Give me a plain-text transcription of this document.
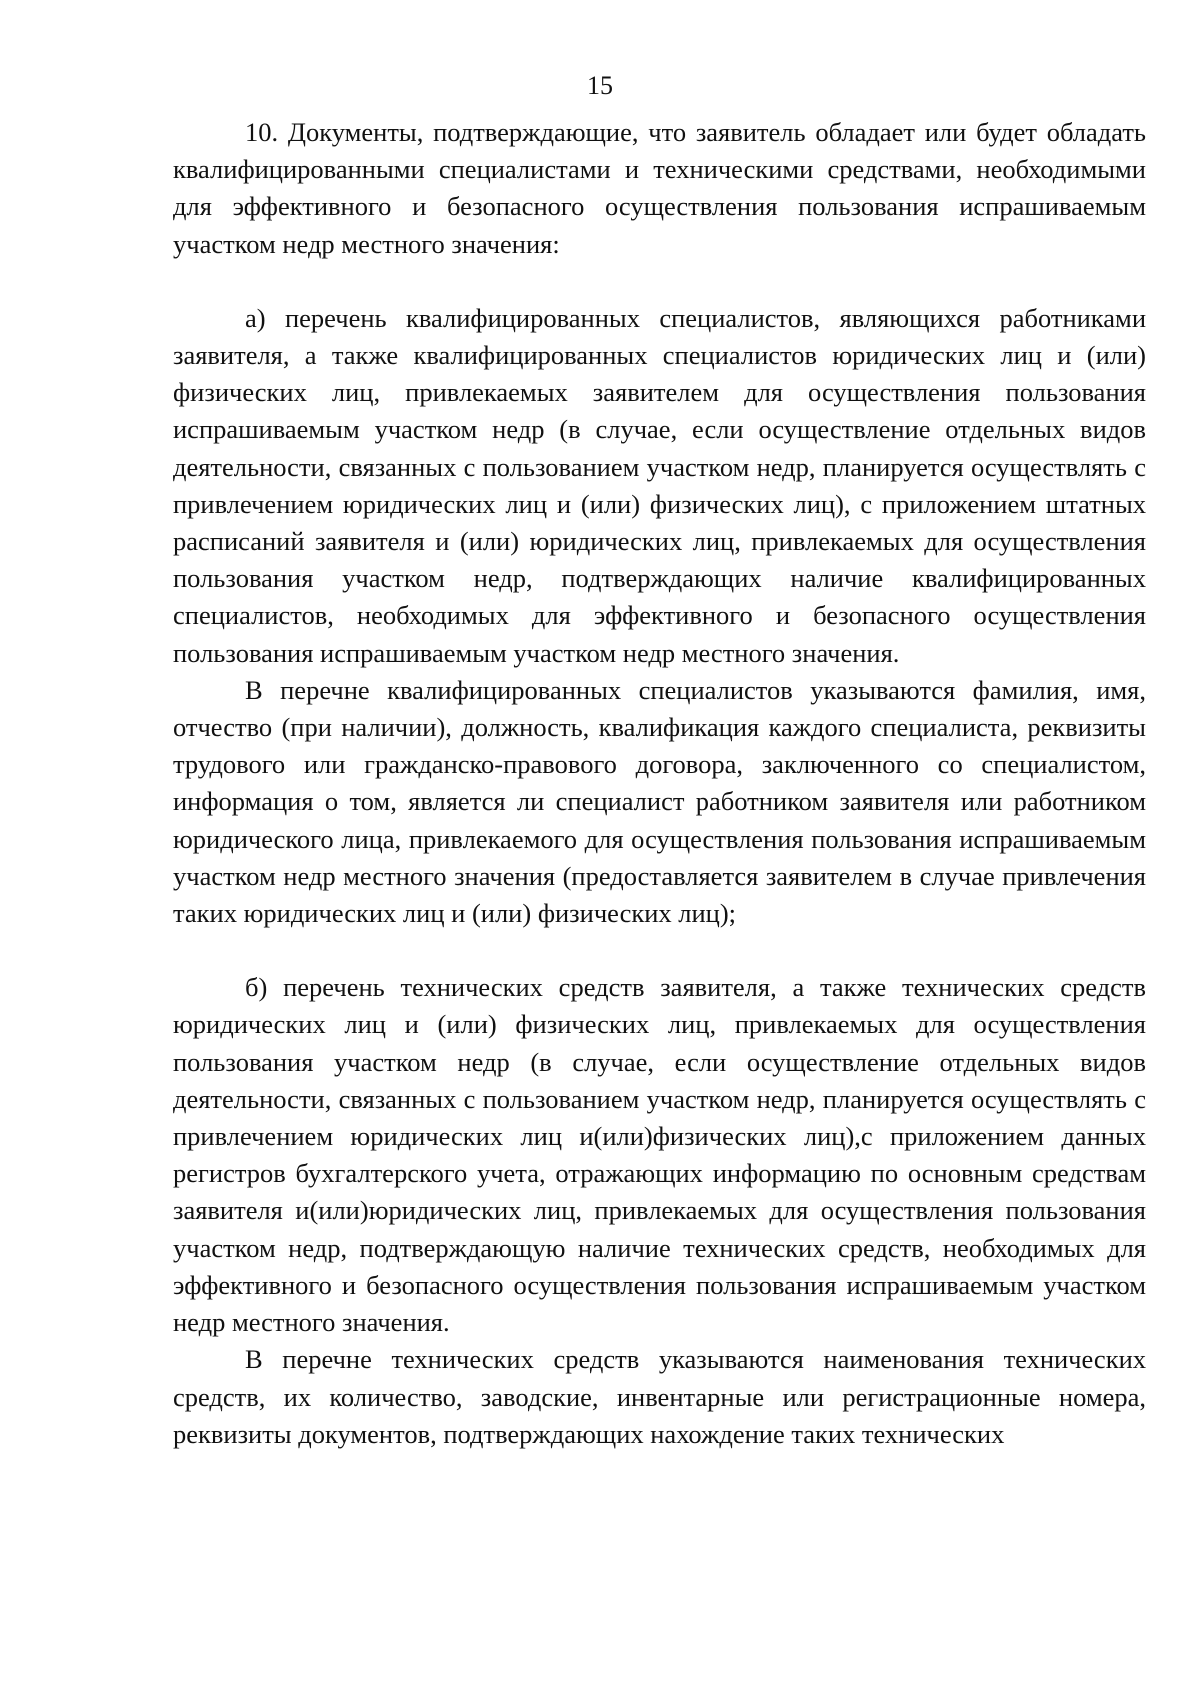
15

10. Документы, подтверждающие, что заявитель обладает или будет обладать квалифицированными специалистами и техническими средствами, необходимыми для эффективного и безопасного осуществления пользования испрашиваемым участком недр местного значения:

а) перечень квалифицированных специалистов, являющихся работниками заявителя, а также квалифицированных специалистов юридических лиц и (или) физических лиц, привлекаемых заявителем для осуществления пользования испрашиваемым участком недр (в случае, если осуществление отдельных видов деятельности, связанных с пользованием участком недр, планируется осуществлять с привлечением юридических лиц и (или) физических лиц), с приложением штатных расписаний заявителя и (или) юридических лиц, привлекаемых для осуществления пользования участком недр, подтверждающих наличие квалифицированных специалистов, необходимых для эффективного и безопасного осуществления пользования испрашиваемым участком недр местного значения.

В перечне квалифицированных специалистов указываются фамилия, имя, отчество (при наличии), должность, квалификация каждого специалиста, реквизиты трудового или гражданско-правового договора, заключенного со специалистом, информация о том, является ли специалист работником заявителя или работником юридического лица, привлекаемого для осуществления пользования испрашиваемым участком недр местного значения (предоставляется заявителем в случае привлечения таких юридических лиц и (или) физических лиц);

б) перечень технических средств заявителя, а также технических средств юридических лиц и (или) физических лиц, привлекаемых для осуществления пользования участком недр (в случае, если осуществление отдельных видов деятельности, связанных с пользованием участком недр, планируется осуществлять с привлечением юридических лиц и(или)физических лиц),с приложением данных регистров бухгалтерского учета, отражающих информацию по основным средствам заявителя и(или)юридических лиц, привлекаемых для осуществления пользования участком недр, подтверждающую наличие технических средств, необходимых для эффективного и безопасного осуществления пользования испрашиваемым участком недр местного значения.

В перечне технических средств указываются наименования технических средств, их количество, заводские, инвентарные или регистрационные номера, реквизиты документов, подтверждающих нахождение таких технических
